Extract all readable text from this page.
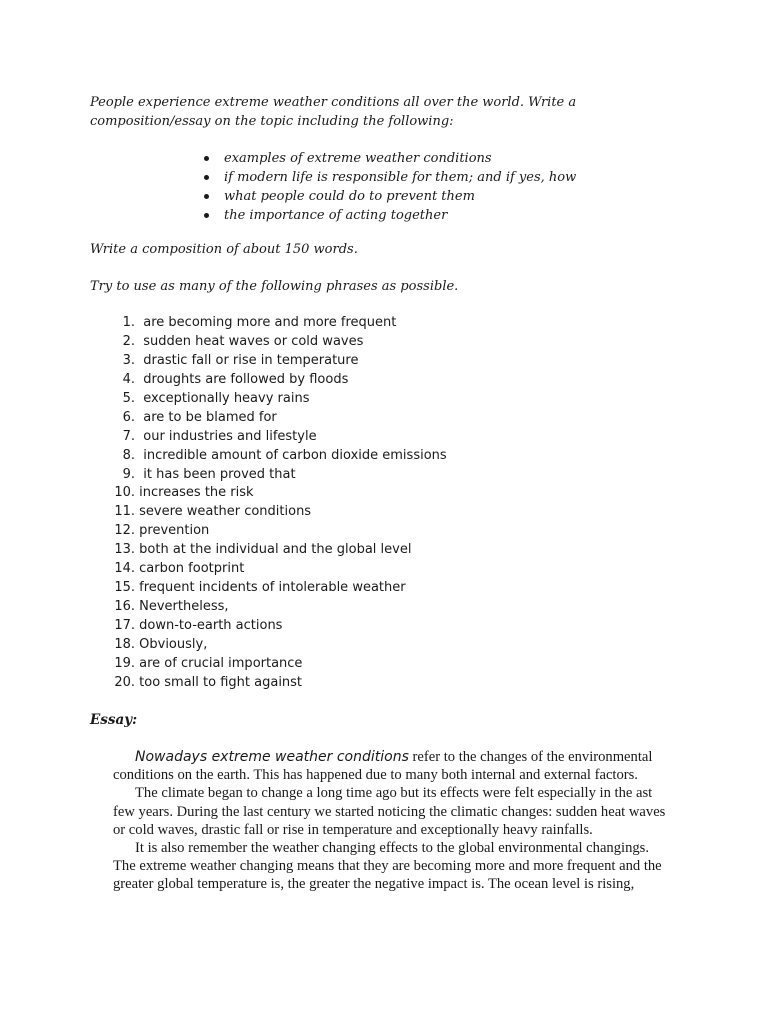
People experience extreme weather conditions all over the world. Write a composition/essay on the topic including the following:

examples of extreme weather conditions
if modern life is responsible for them; and if yes, how
what people could do to prevent them
the importance of acting together

Write a composition of about 150 words.

Try to use as many of the following phrases as possible.

1.
are becoming more and more frequent
2.
sudden heat waves or cold waves
3.
drastic fall or rise in temperature
4.
droughts are followed by floods
5.
exceptionally heavy rains
6.
are to be blamed for
7.
our industries and lifestyle
8.
incredible amount of carbon dioxide emissions
9.
it has been proved that
10.
increases the risk
11.
severe weather conditions
12.
prevention
13.
both at the individual and the global level
14.
carbon footprint
15.
frequent incidents of intolerable weather
16.
Nevertheless,
17.
down-to-earth actions
18.
Obviously,
19.
are of crucial importance
20.
too small to fight against

Essay:

Nowadays extreme weather conditions refer to the changes of the environmental conditions on the earth. This has happened due to many both internal and external factors.

The climate began to change a long time ago but its effects were felt especially in the ast few years. During the last century we started noticing the climatic changes: sudden heat waves or cold waves, drastic fall or rise in temperature and exceptionally heavy rainfalls.

It is also remember the weather changing effects to the global environmental changings. The extreme weather changing means that they are becoming more and more frequent and the greater global temperature is, the greater the negative impact is. The ocean level is rising,
